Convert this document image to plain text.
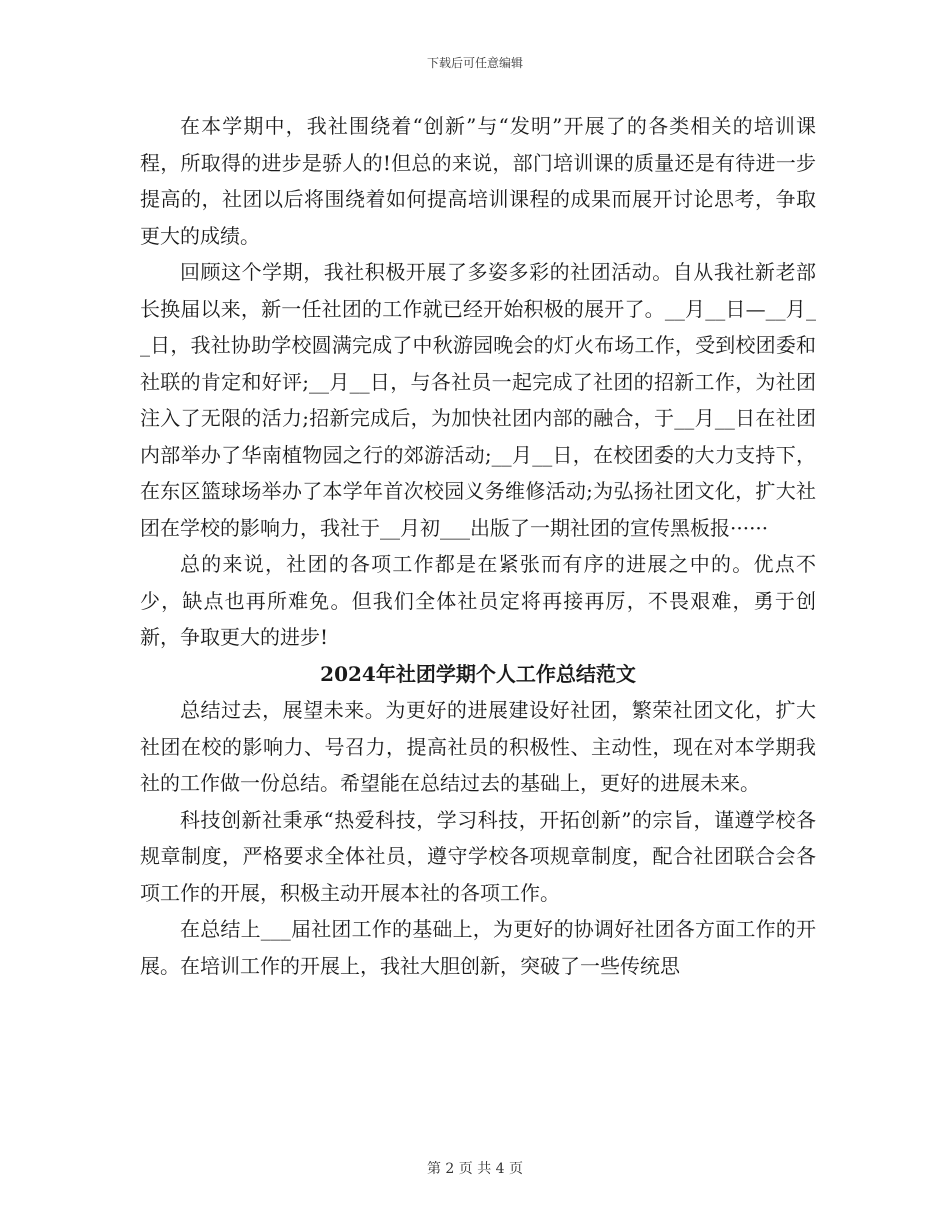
下载后可任意编辑

在本学期中，我社围绕着“创新”与“发明”开展了的各类相关的培训课程，所取得的进步是骄人的!但总的来说，部门培训课的质量还是有待进一步提高的，社团以后将围绕着如何提高培训课程的成果而展开讨论思考，争取更大的成绩。

回顾这个学期，我社积极开展了多姿多彩的社团活动。自从我社新老部长换届以来，新一任社团的工作就已经开始积极的展开了。__月__日—__月__日，我社协助学校圆满完成了中秋游园晚会的灯火布场工作，受到校团委和社联的肯定和好评;__月__日，与各社员一起完成了社团的招新工作，为社团注入了无限的活力;招新完成后，为加快社团内部的融合，于__月__日在社团内部举办了华南植物园之行的郊游活动;__月__日，在校团委的大力支持下，在东区篮球场举办了本学年首次校园义务维修活动;为弘扬社团文化，扩大社团在学校的影响力，我社于__月初___出版了一期社团的宣传黑板报······

总的来说，社团的各项工作都是在紧张而有序的进展之中的。优点不少，缺点也再所难免。但我们全体社员定将再接再厉，不畏艰难，勇于创新，争取更大的进步!

2024年社团学期个人工作总结范文

总结过去，展望未来。为更好的进展建设好社团，繁荣社团文化，扩大社团在校的影响力、号召力，提高社员的积极性、主动性，现在对本学期我社的工作做一份总结。希望能在总结过去的基础上，更好的进展未来。

科技创新社秉承“热爱科技，学习科技，开拓创新”的宗旨，谨遵学校各规章制度，严格要求全体社员，遵守学校各项规章制度，配合社团联合会各项工作的开展，积极主动开展本社的各项工作。

在总结上___届社团工作的基础上，为更好的协调好社团各方面工作的开展。在培训工作的开展上，我社大胆创新，突破了一些传统思

第 2 页 共 4 页
